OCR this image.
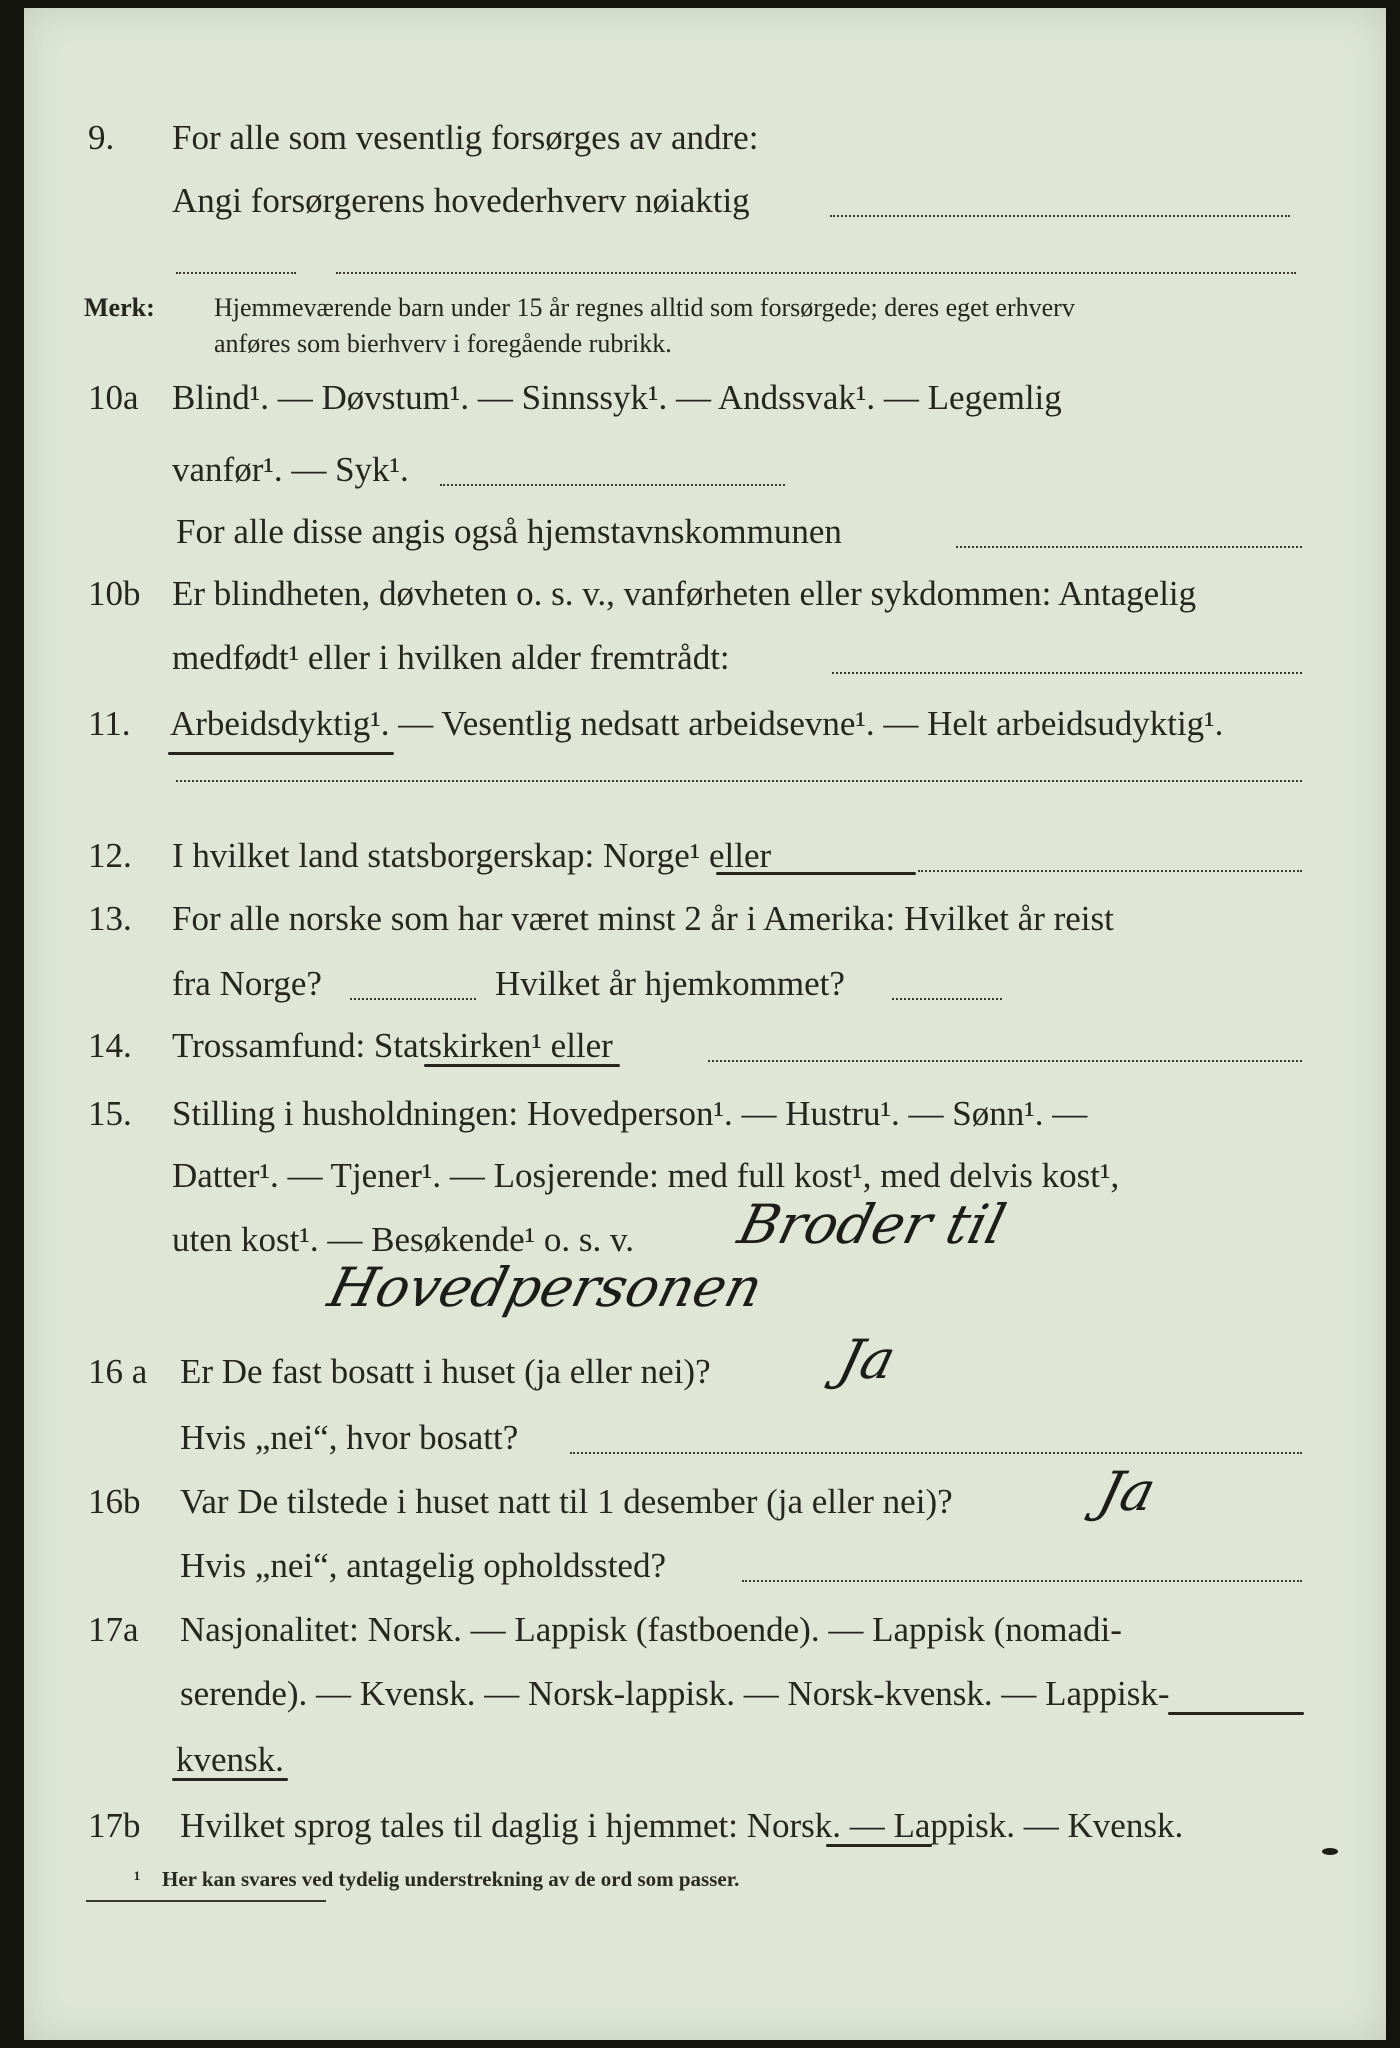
9. For alle som vesentlig forsørges av andre:
Angi forsørgerens hovederhverv nøiaktig
Merk: Hjemmeværende barn under 15 år regnes alltid som forsørgede; deres eget erhverv
anføres som bierhverv i foregående rubrikk.
10a Blind¹. — Døvstum¹. — Sinnssyk¹. — Andssvak¹. — Legemlig
vanfør¹. — Syk¹.
For alle disse angis også hjemstavnskommunen
10b Er blindheten, døvheten o. s. v., vanførheten eller sykdommen: Antagelig
medfødt¹ eller i hvilken alder fremtrådt:
11. Arbeidsdyktig¹. — Vesentlig nedsatt arbeidsevne¹. — Helt arbeidsudyktig¹.
12. I hvilket land statsborgerskap: Norge¹ eller
13. For alle norske som har været minst 2 år i Amerika: Hvilket år reist
fra Norge?	Hvilket år hjemkommet?
14. Trossamfund: Statskirken¹ eller
15. Stilling i husholdningen: Hovedperson¹. — Hustru¹. — Sønn¹. —
Datter¹. — Tjener¹. — Losjerende: med full kost¹, med delvis kost¹,
uten kost¹. — Besøkende¹ o. s. v. Broder til
Hovedpersonen
16 a Er De fast bosatt i huset (ja eller nei)? Ja
Hvis „nei“, hvor bosatt?
16b Var De tilstede i huset natt til 1 desember (ja eller nei)?	Ja
Hvis „nei“, antagelig opholdssted?
17a Nasjonalitet: Norsk. — Lappisk (fastboende). — Lappisk (nomadi-
serende). — Kvensk. — Norsk-lappisk. — Norsk-kvensk. — Lappisk-
kvensk.
17b Hvilket sprog tales til daglig i hjemmet: Norsk. — Lappisk. — Kvensk.
¹ Her kan svares ved tydelig understrekning av de ord som passer.
